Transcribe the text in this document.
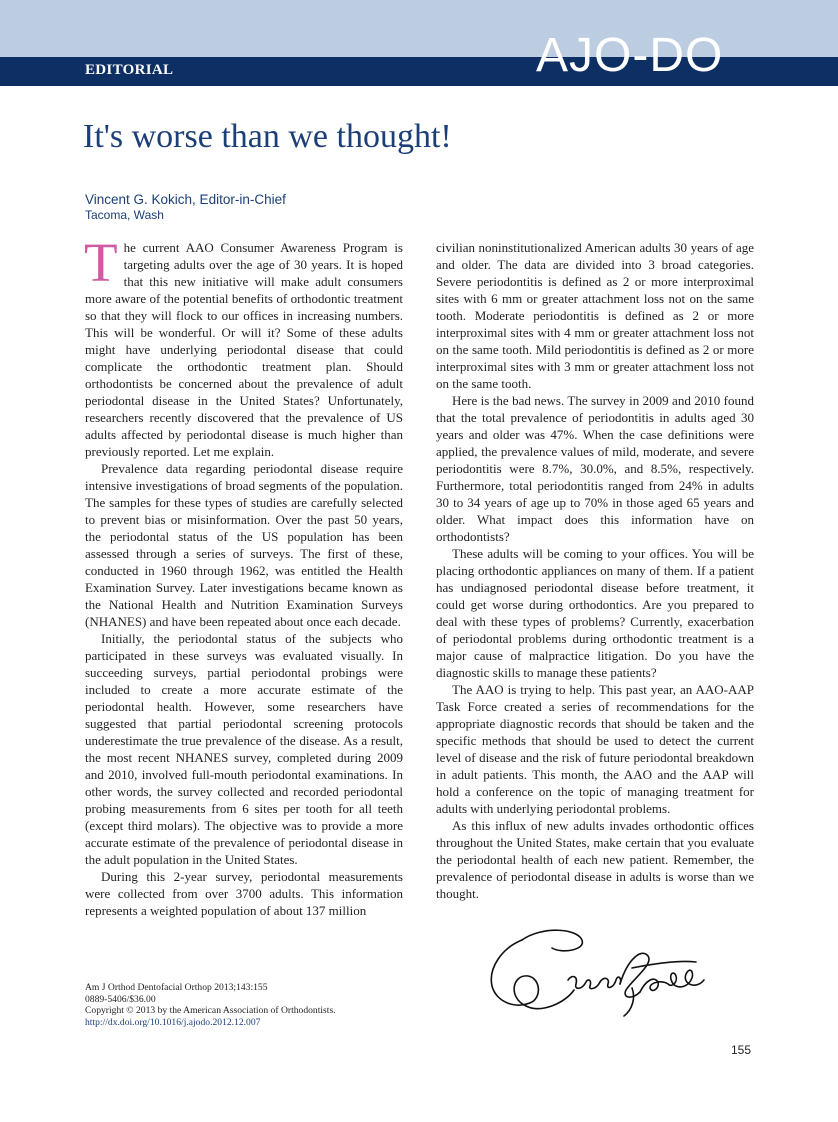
EDITORIAL	AJO-DO
It's worse than we thought!
Vincent G. Kokich, Editor-in-Chief
Tacoma, Wash

The current AAO Consumer Awareness Program is targeting adults over the age of 30 years. It is hoped that this new initiative will make adult consumers more aware of the potential benefits of orthodontic treatment so that they will flock to our offices in increasing numbers. This will be wonderful. Or will it? Some of these adults might have underlying periodontal disease that could complicate the orthodontic treatment plan. Should orthodontists be concerned about the prevalence of adult periodontal disease in the United States? Unfortunately, researchers recently discovered that the prevalence of US adults affected by periodontal disease is much higher than previously reported. Let me explain.

Prevalence data regarding periodontal disease require intensive investigations of broad segments of the population. The samples for these types of studies are carefully selected to prevent bias or misinformation. Over the past 50 years, the periodontal status of the US population has been assessed through a series of surveys. The first of these, conducted in 1960 through 1962, was entitled the Health Examination Survey. Later investigations became known as the National Health and Nutrition Examination Surveys (NHANES) and have been repeated about once each decade.

Initially, the periodontal status of the subjects who participated in these surveys was evaluated visually. In succeeding surveys, partial periodontal probings were included to create a more accurate estimate of the periodontal health. However, some researchers have suggested that partial periodontal screening protocols underestimate the true prevalence of the disease. As a result, the most recent NHANES survey, completed during 2009 and 2010, involved full-mouth periodontal examinations. In other words, the survey collected and recorded periodontal probing measurements from 6 sites per tooth for all teeth (except third molars). The objective was to provide a more accurate estimate of the prevalence of periodontal disease in the adult population in the United States.

During this 2-year survey, periodontal measurements were collected from over 3700 adults. This information represents a weighted population of about 137 million

civilian noninstitutionalized American adults 30 years of age and older. The data are divided into 3 broad categories. Severe periodontitis is defined as 2 or more interproximal sites with 6 mm or greater attachment loss not on the same tooth. Moderate periodontitis is defined as 2 or more interproximal sites with 4 mm or greater attachment loss not on the same tooth. Mild periodontitis is defined as 2 or more interproximal sites with 3 mm or greater attachment loss not on the same tooth.

Here is the bad news. The survey in 2009 and 2010 found that the total prevalence of periodontitis in adults aged 30 years and older was 47%. When the case definitions were applied, the prevalence values of mild, moderate, and severe periodontitis were 8.7%, 30.0%, and 8.5%, respectively. Furthermore, total periodontitis ranged from 24% in adults 30 to 34 years of age up to 70% in those aged 65 years and older. What impact does this information have on orthodontists?

These adults will be coming to your offices. You will be placing orthodontic appliances on many of them. If a patient has undiagnosed periodontal disease before treatment, it could get worse during orthodontics. Are you prepared to deal with these types of problems? Currently, exacerbation of periodontal problems during orthodontic treatment is a major cause of malpractice litigation. Do you have the diagnostic skills to manage these patients?

The AAO is trying to help. This past year, an AAO-AAP Task Force created a series of recommendations for the appropriate diagnostic records that should be taken and the specific methods that should be used to detect the current level of disease and the risk of future periodontal breakdown in adult patients. This month, the AAO and the AAP will hold a conference on the topic of managing treatment for adults with underlying periodontal problems.

As this influx of new adults invades orthodontic offices throughout the United States, make certain that you evaluate the periodontal health of each new patient. Remember, the prevalence of periodontal disease in adults is worse than we thought.

Am J Orthod Dentofacial Orthop 2013;143:155
0889-5406/$36.00
Copyright © 2013 by the American Association of Orthodontists.
http://dx.doi.org/10.1016/j.ajodo.2012.12.007
155
